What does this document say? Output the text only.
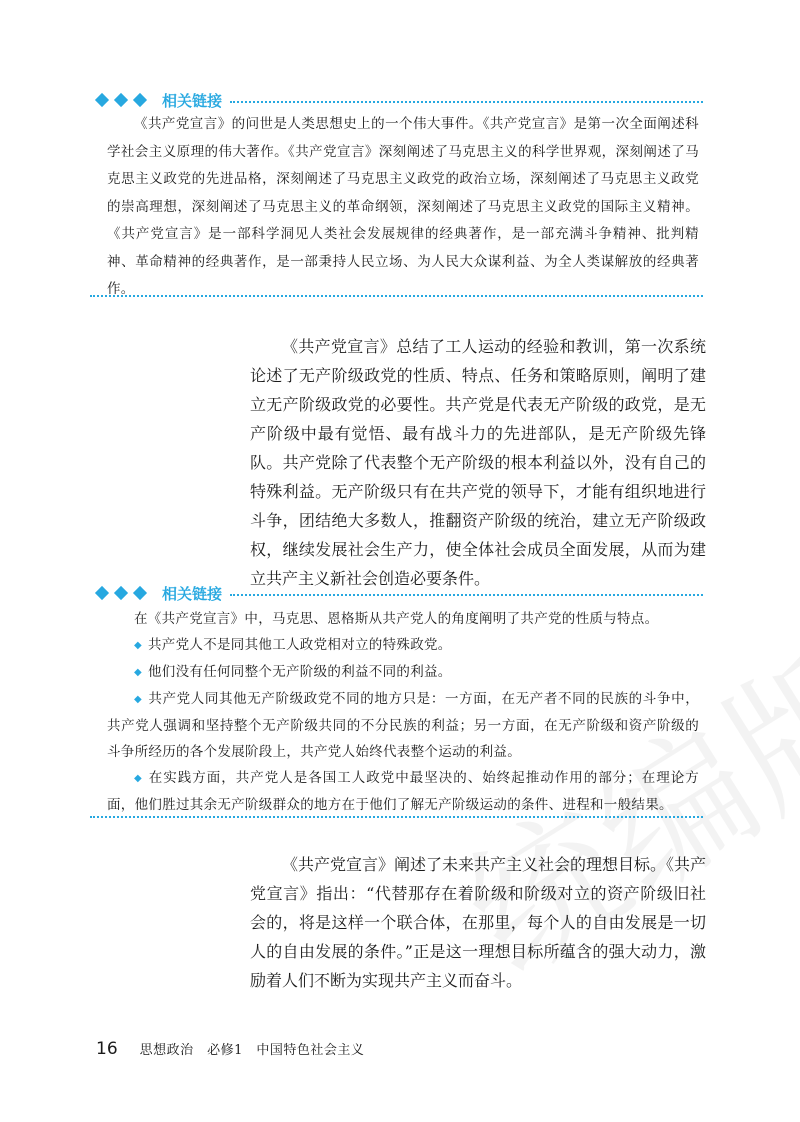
相关链接

《共产党宣言》的问世是人类思想史上的一个伟大事件。《共产党宣言》是第一次全面阐述科学社会主义原理的伟大著作。《共产党宣言》深刻阐述了马克思主义的科学世界观，深刻阐述了马克思主义政党的先进品格，深刻阐述了马克思主义政党的政治立场，深刻阐述了马克思主义政党的崇高理想，深刻阐述了马克思主义的革命纲领，深刻阐述了马克思主义政党的国际主义精神。《共产党宣言》是一部科学洞见人类社会发展规律的经典著作，是一部充满斗争精神、批判精神、革命精神的经典著作，是一部秉持人民立场、为人民大众谋利益、为全人类谋解放的经典著作。

《共产党宣言》总结了工人运动的经验和教训，第一次系统论述了无产阶级政党的性质、特点、任务和策略原则，阐明了建立无产阶级政党的必要性。共产党是代表无产阶级的政党，是无产阶级中最有觉悟、最有战斗力的先进部队，是无产阶级先锋队。共产党除了代表整个无产阶级的根本利益以外，没有自己的特殊利益。无产阶级只有在共产党的领导下，才能有组织地进行斗争，团结绝大多数人，推翻资产阶级的统治，建立无产阶级政权，继续发展社会生产力，使全体社会成员全面发展，从而为建立共产主义新社会创造必要条件。

相关链接

在《共产党宣言》中，马克思、恩格斯从共产党人的角度阐明了共产党的性质与特点。

◆ 共产党人不是同其他工人政党相对立的特殊政党。

◆ 他们没有任何同整个无产阶级的利益不同的利益。

◆ 共产党人同其他无产阶级政党不同的地方只是：一方面，在无产者不同的民族的斗争中，共产党人强调和坚持整个无产阶级共同的不分民族的利益；另一方面，在无产阶级和资产阶级的斗争所经历的各个发展阶段上，共产党人始终代表整个运动的利益。

◆ 在实践方面，共产党人是各国工人政党中最坚决的、始终起推动作用的部分；在理论方面，他们胜过其余无产阶级群众的地方在于他们了解无产阶级运动的条件、进程和一般结果。

《共产党宣言》阐述了未来共产主义社会的理想目标。《共产党宣言》指出：“代替那存在着阶级和阶级对立的资产阶级旧社会的，将是这样一个联合体，在那里，每个人的自由发展是一切人的自由发展的条件。”正是这一理想目标所蕴含的强大动力，激励着人们不断为实现共产主义而奋斗。

16 思想政治　必修1　中国特色社会主义
